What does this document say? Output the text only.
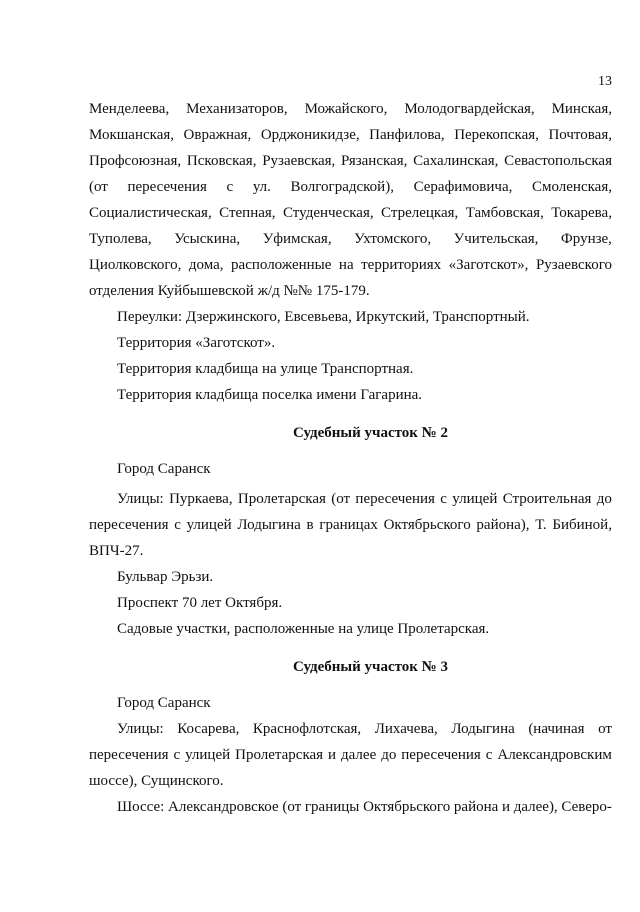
13
Менделеева, Механизаторов, Можайского, Молодогвардейская, Минская,
Мокшанская, Овражная, Орджоникидзе, Панфилова, Перекопская, Почтовая,
Профсоюзная, Псковская, Рузаевская, Рязанская, Сахалинская, Севастопольская
(от пересечения с ул. Волгоградской), Серафимовича, Смоленская,
Социалистическая, Степная, Студенческая, Стрелецкая, Тамбовская, Токарева,
Туполева, Усыскина, Уфимская, Ухтомского, Учительская, Фрунзе,
Циолковского, дома, расположенные на территориях «Заготскот», Рузаевского
отделения Куйбышевской ж/д №№ 175-179.
Переулки: Дзержинского, Евсевьева, Иркутский, Транспортный.
Территория «Заготскот».
Территория кладбища на улице Транспортная.
Территория кладбища поселка имени Гагарина.
Судебный участок № 2
Город Саранск
Улицы: Пуркаева, Пролетарская (от пересечения с улицей Строительная до
пересечения с улицей Лодыгина в границах Октябрьского района), Т. Бибиной,
ВПЧ-27.
Бульвар Эрьзи.
Проспект 70 лет Октября.
Садовые участки, расположенные на улице Пролетарская.
Судебный участок № 3
Город Саранск
Улицы: Косарева, Краснофлотская, Лихачева, Лодыгина (начиная от
пересечения с улицей Пролетарская и далее до пересечения с Александровским
шоссе), Сущинского.
Шоссе: Александровское (от границы Октябрьского района и далее), Северо-
